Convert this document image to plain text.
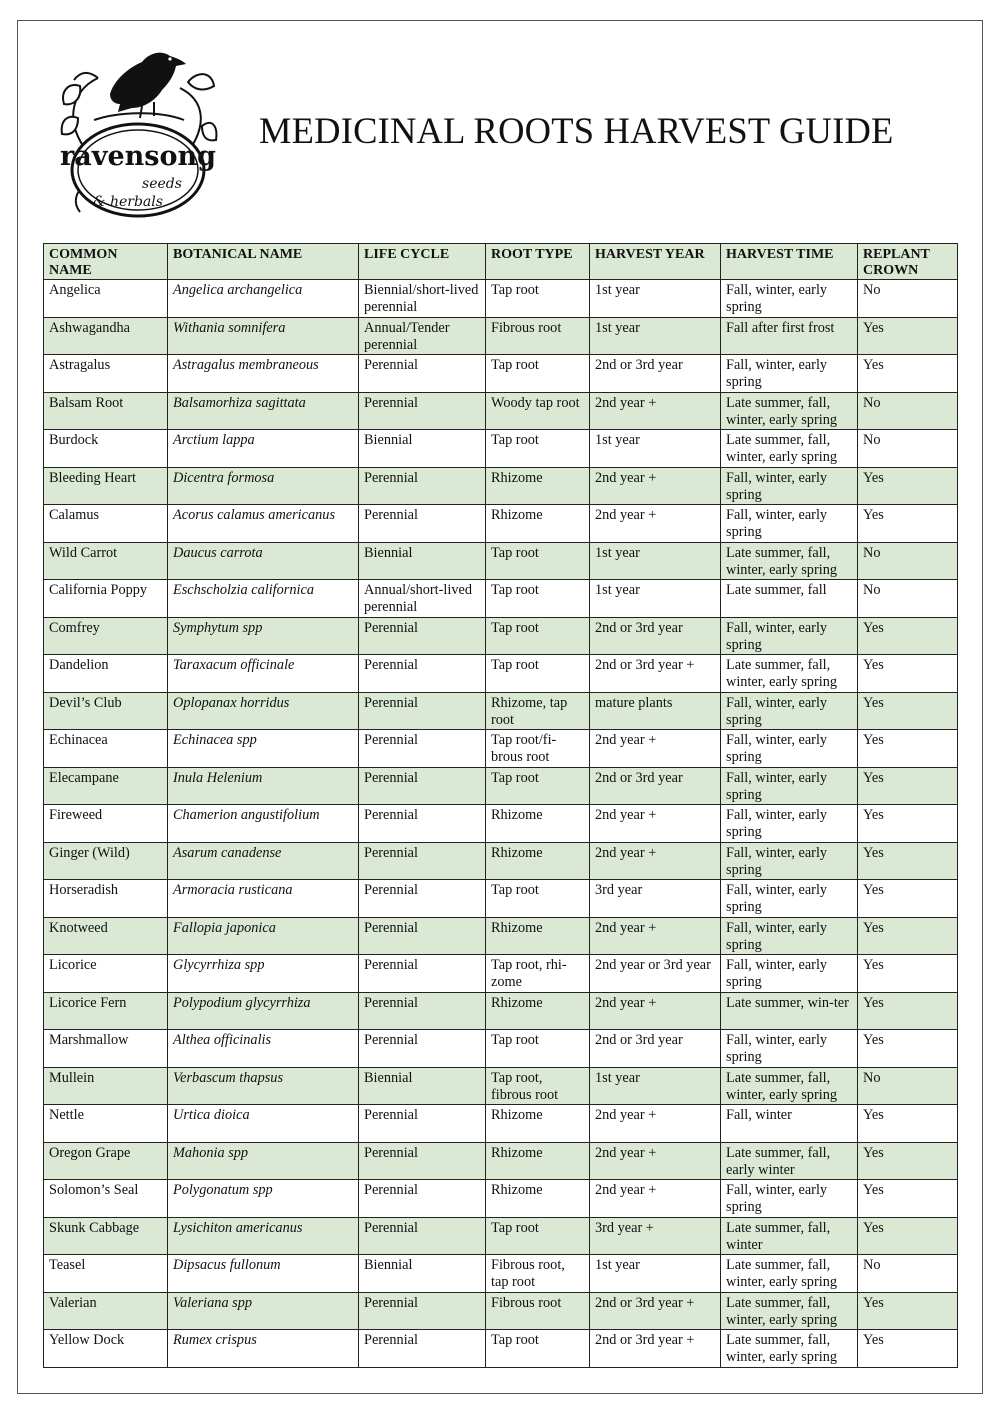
ravensong
seeds
& herbals
MEDICINAL ROOTS HARVEST GUIDE
COMMON NAME	BOTANICAL NAME	LIFE CYCLE	ROOT TYPE	HARVEST YEAR	HARVEST TIME	REPLANT CROWN
Angelica	Angelica archangelica	Biennial/short-lived perennial	Tap root	1st year	Fall, winter, early spring	No
Ashwagandha	Withania somnifera	Annual/Tender perennial	Fibrous root	1st year	Fall after first frost	Yes
Astragalus	Astragalus membraneous	Perennial	Tap root	2nd or 3rd year	Fall, winter, early spring	Yes
Balsam Root	Balsamorhiza sagittata	Perennial	Woody tap root	2nd year +	Late summer, fall, winter, early spring	No
Burdock	Arctium lappa	Biennial	Tap root	1st year	Late summer, fall, winter, early spring	No
Bleeding Heart	Dicentra formosa	Perennial	Rhizome	2nd year +	Fall, winter, early spring	Yes
Calamus	Acorus calamus americanus	Perennial	Rhizome	2nd year +	Fall, winter, early spring	Yes
Wild Carrot	Daucus carrota	Biennial	Tap root	1st year	Late summer, fall, winter, early spring	No
California Poppy	Eschscholzia californica	Annual/short-lived perennial	Tap root	1st year	Late summer, fall	No
Comfrey	Symphytum spp	Perennial	Tap root	2nd or 3rd year	Fall, winter, early spring	Yes
Dandelion	Taraxacum officinale	Perennial	Tap root	2nd or 3rd year +	Late summer, fall, winter, early spring	Yes
Devil’s Club	Oplopanax horridus	Perennial	Rhizome, tap root	mature plants	Fall, winter, early spring	Yes
Echinacea	Echinacea spp	Perennial	Tap root/fi-brous root	2nd year +	Fall, winter, early spring	Yes
Elecampane	Inula Helenium	Perennial	Tap root	2nd or 3rd year	Fall, winter, early spring	Yes
Fireweed	Chamerion angustifolium	Perennial	Rhizome	2nd year +	Fall, winter, early spring	Yes
Ginger (Wild)	Asarum canadense	Perennial	Rhizome	2nd year +	Fall, winter, early spring	Yes
Horseradish	Armoracia rusticana	Perennial	Tap root	3rd year	Fall, winter, early spring	Yes
Knotweed	Fallopia japonica	Perennial	Rhizome	2nd year +	Fall, winter, early spring	Yes
Licorice	Glycyrrhiza spp	Perennial	Tap root, rhi-zome	2nd year or 3rd year	Fall, winter, early spring	Yes
Licorice Fern	Polypodium glycyrrhiza	Perennial	Rhizome	2nd year +	Late summer, win-ter	Yes
Marshmallow	Althea officinalis	Perennial	Tap root	2nd or 3rd year	Fall, winter, early spring	Yes
Mullein	Verbascum thapsus	Biennial	Tap root, fibrous root	1st year	Late summer, fall, winter, early spring	No
Nettle	Urtica dioica	Perennial	Rhizome	2nd year +	Fall, winter	Yes
Oregon Grape	Mahonia spp	Perennial	Rhizome	2nd year +	Late summer, fall, early winter	Yes
Solomon’s Seal	Polygonatum spp	Perennial	Rhizome	2nd year +	Fall, winter, early spring	Yes
Skunk Cabbage	Lysichiton americanus	Perennial	Tap root	3rd year +	Late summer, fall, winter	Yes
Teasel	Dipsacus fullonum	Biennial	Fibrous root, tap root	1st year	Late summer, fall, winter, early spring	No
Valerian	Valeriana spp	Perennial	Fibrous root	2nd or 3rd year +	Late summer, fall, winter, early spring	Yes
Yellow Dock	Rumex crispus	Perennial	Tap root	2nd or 3rd year +	Late summer, fall, winter, early spring	Yes
